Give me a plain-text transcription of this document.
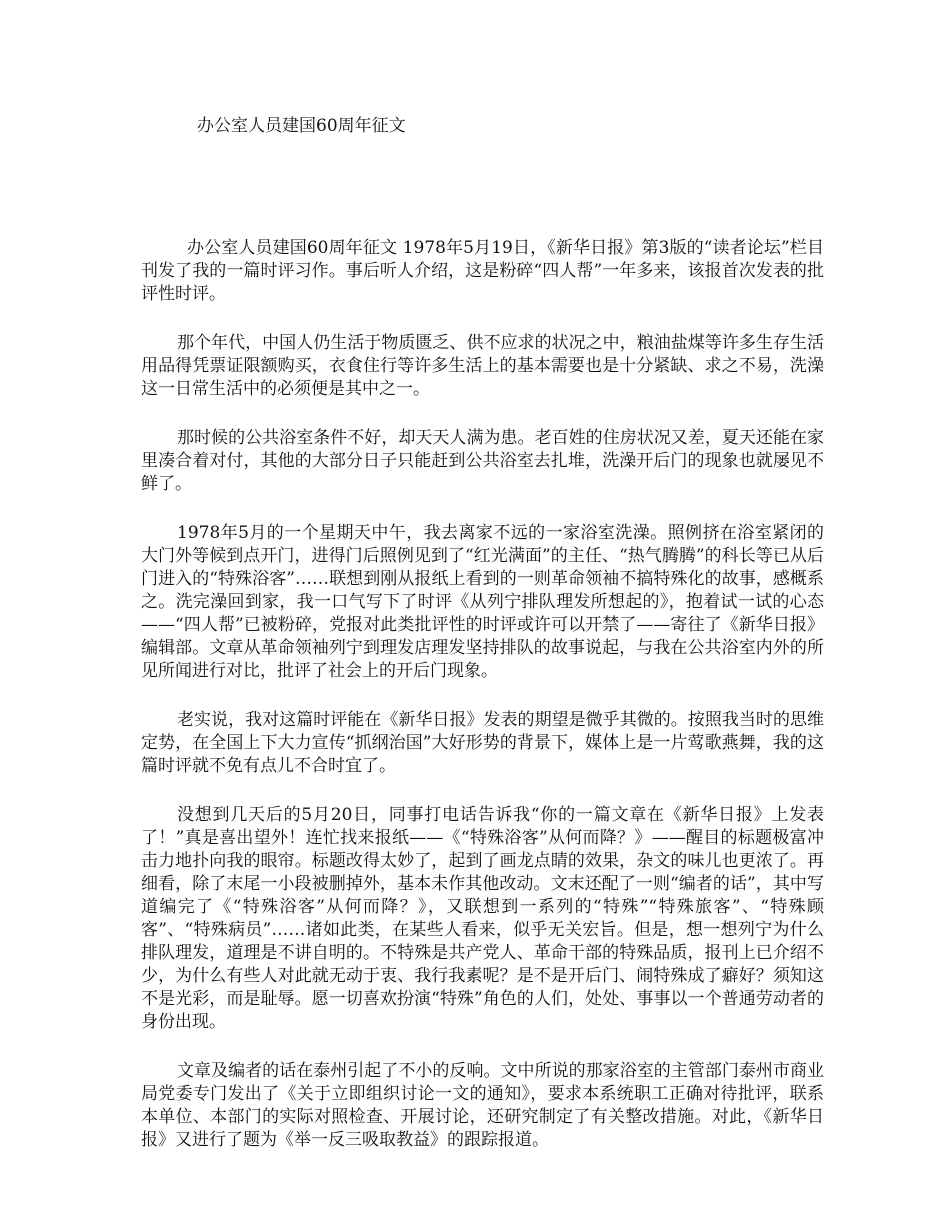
办公室人员建国60周年征文

办公室人员建国60周年征文 1978年5月19日，《新华日报》第3版的“读者论坛”栏目刊发了我的一篇时评习作。事后听人介绍，这是粉碎“四人帮”一年多来，该报首次发表的批评性时评。

那个年代，中国人仍生活于物质匮乏、供不应求的状况之中，粮油盐煤等许多生存生活用品得凭票证限额购买，衣食住行等许多生活上的基本需要也是十分紧缺、求之不易，洗澡这一日常生活中的必须便是其中之一。

那时候的公共浴室条件不好，却天天人满为患。老百姓的住房状况又差，夏天还能在家里凑合着对付，其他的大部分日子只能赶到公共浴室去扎堆，洗澡开后门的现象也就屡见不鲜了。

1978年5月的一个星期天中午，我去离家不远的一家浴室洗澡。照例挤在浴室紧闭的大门外等候到点开门，进得门后照例见到了“红光满面”的主任、“热气腾腾”的科长等已从后门进入的“特殊浴客”……联想到刚从报纸上看到的一则革命领袖不搞特殊化的故事，感概系之。洗完澡回到家，我一口气写下了时评《从列宁排队理发所想起的》，抱着试一试的心态——“四人帮”已被粉碎，党报对此类批评性的时评或许可以开禁了——寄往了《新华日报》编辑部。文章从革命领袖列宁到理发店理发坚持排队的故事说起，与我在公共浴室内外的所见所闻进行对比，批评了社会上的开后门现象。

老实说，我对这篇时评能在《新华日报》发表的期望是微乎其微的。按照我当时的思维定势，在全国上下大力宣传“抓纲治国”大好形势的背景下，媒体上是一片莺歌燕舞，我的这篇时评就不免有点儿不合时宜了。

没想到几天后的5月20日，同事打电话告诉我“你的一篇文章在《新华日报》上发表了！”真是喜出望外！连忙找来报纸——《“特殊浴客”从何而降？》——醒目的标题极富冲击力地扑向我的眼帘。标题改得太妙了，起到了画龙点睛的效果，杂文的味儿也更浓了。再细看，除了末尾一小段被删掉外，基本未作其他改动。文末还配了一则“编者的话”，其中写道编完了《“特殊浴客”从何而降？》，又联想到一系列的“特殊”“特殊旅客”、“特殊顾客”、“特殊病员”……诸如此类，在某些人看来，似乎无关宏旨。但是，想一想列宁为什么排队理发，道理是不讲自明的。不特殊是共产党人、革命干部的特殊品质，报刊上已介绍不少，为什么有些人对此就无动于衷、我行我素呢？是不是开后门、闹特殊成了癖好？须知这不是光彩，而是耻辱。愿一切喜欢扮演“特殊”角色的人们，处处、事事以一个普通劳动者的身份出现。

文章及编者的话在泰州引起了不小的反响。文中所说的那家浴室的主管部门泰州市商业局党委专门发出了《关于立即组织讨论一文的通知》，要求本系统职工正确对待批评，联系本单位、本部门的实际对照检查、开展讨论，还研究制定了有关整改措施。对此，《新华日报》又进行了题为《举一反三吸取教益》的跟踪报道。
